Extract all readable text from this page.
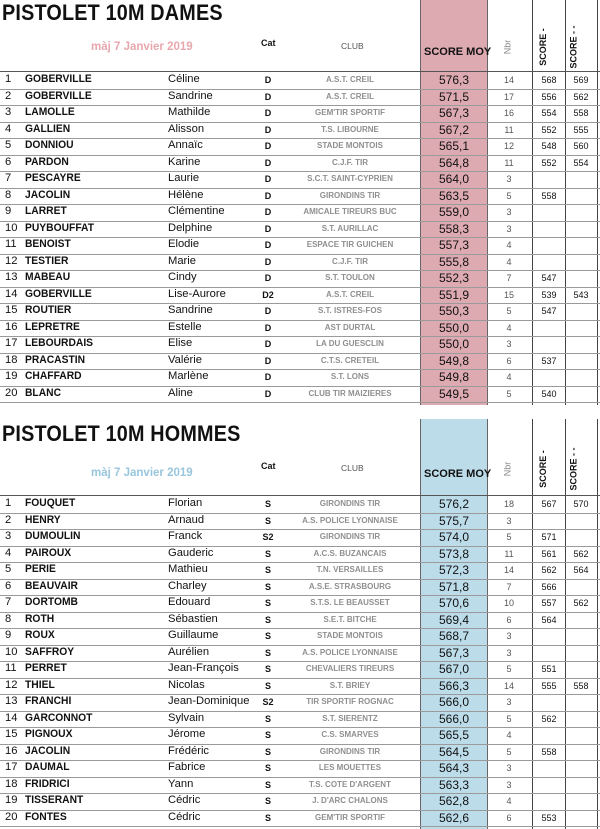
PISTOLET 10M DAMES
màj 7 Janvier 2019	Cat	CLUB	SCORE MOY Nbr	SCORE - SCORE - -
1	GOBERVILLE	Céline	D	A.S.T. CREIL	576,3	14	568	569
2	GOBERVILLE	Sandrine	D	A.S.T. CREIL	571,5	17	556	562
3	LAMOLLE	Mathilde	D	GEM'TIR SPORTIF	567,3	16	554	558
4	GALLIEN	Alisson	D	T.S. LIBOURNE	567,2	11	552	555
5	DONNIOU	Annaïc	D	STADE MONTOIS	565,1	12	548	560
6	PARDON	Karine	D	C.J.F. TIR	564,8	11	552	554
7	PESCAYRE	Laurie	D	S.C.T. SAINT-CYPRIEN	564,0	3
8	JACOLIN	Hélène	D	GIRONDINS TIR	563,5	5	558
9	LARRET	Clémentine	D	AMICALE TIREURS BUC	559,0	3
10 PUYBOUFFAT	Delphine	D	S.T. AURILLAC	558,3	3
11 BENOIST	Elodie	D	ESPACE TIR GUICHEN	557,3	4
12 TESTIER	Marie	D	C.J.F. TIR	555,8	4
13 MABEAU	Cindy	D	S.T. TOULON	552,3	7	547
14 GOBERVILLE	Lise-Aurore	D2	A.S.T. CREIL	551,9	15	539	543
15 ROUTIER	Sandrine	D	S.T. ISTRES-FOS	550,3	5	547
16 LEPRETRE	Estelle	D	AST DURTAL	550,0	4
17 LEBOURDAIS	Elise	D	LA DU GUESCLIN	550,0	3
18 PRACASTIN	Valérie	D	C.T.S. CRETEIL	549,8	6	537
19 CHAFFARD	Marlène	D	S.T. LONS	549,8	4
20 BLANC	Aline	D	CLUB TIR MAIZIERES	549,5	5	540
PISTOLET 10M HOMMES
màj 7 Janvier 2019
Cat	CLUB	SCORE MOY Nbr	SCORE - SCORE - -
1	FOUQUET	Florian	S	GIRONDINS TIR	576,2	18	567	570
2	HENRY	Arnaud	S	A.S. POLICE LYONNAISE	575,7	3
3	DUMOULIN	Franck	S2	GIRONDINS TIR	574,0	5	571
4	PAIROUX	Gauderic	S	A.C.S. BUZANCAIS	573,8	11	561	562
5	PERIE	Mathieu	S	T.N. VERSAILLES	572,3	14	562	564
6	BEAUVAIR	Charley	S	A.S.E. STRASBOURG	571,8	7	566
7	DORTOMB	Edouard	S	S.T.S. LE BEAUSSET	570,6	10	557	562
8	ROTH	Sébastien	S	S.E.T. BITCHE	569,4	6	564
9	ROUX	Guillaume	S	STADE MONTOIS	568,7	3
10 SAFFROY	Aurélien	S	A.S. POLICE LYONNAISE	567,3	3
11 PERRET	Jean-François	S	CHEVALIERS TIREURS	567,0	5	551
12 THIEL	Nicolas	S	S.T. BRIEY	566,3	14	555	558
13 FRANCHI	Jean-Dominique	S2	TIR SPORTIF ROGNAC	566,0	3
14 GARCONNOT	Sylvain	S	S.T. SIERENTZ	566,0	5	562
15 PIGNOUX	Jérome	S	C.S. SMARVES	565,5	4
16 JACOLIN	Frédéric	S	GIRONDINS TIR	564,5	5	558
17 DAUMAL	Fabrice	S	LES MOUETTES	564,3	3
18 FRIDRICI	Yann	S	T.S. COTE D'ARGENT	563,3	3
19 TISSERANT	Cédric	S	J. D'ARC CHALONS	562,8	4
20 FONTES	Cédric	S	GEM'TIR SPORTIF	562,6	6	553
